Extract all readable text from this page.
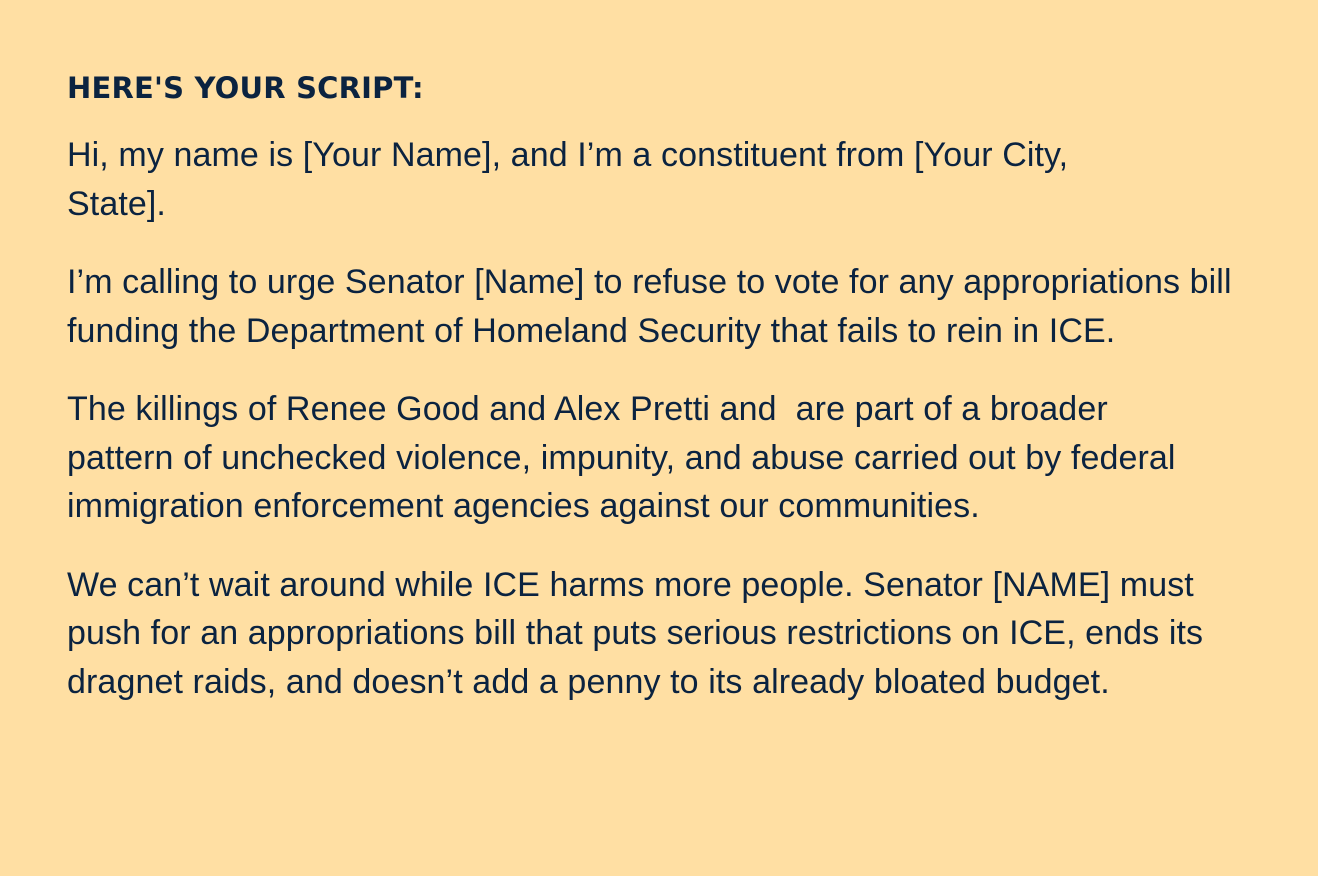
HERE'S YOUR SCRIPT:

Hi, my name is [Your Name], and I’m a constituent from [Your City, State].

I’m calling to urge Senator [Name] to refuse to vote for any appropriations bill funding the Department of Homeland Security that fails to rein in ICE.

The killings of Renee Good and Alex Pretti and  are part of a broader pattern of unchecked violence, impunity, and abuse carried out by federal immigration enforcement agencies against our communities.

We can’t wait around while ICE harms more people. Senator [NAME] must push for an appropriations bill that puts serious restrictions on ICE, ends its dragnet raids, and doesn’t add a penny to its already bloated budget.
